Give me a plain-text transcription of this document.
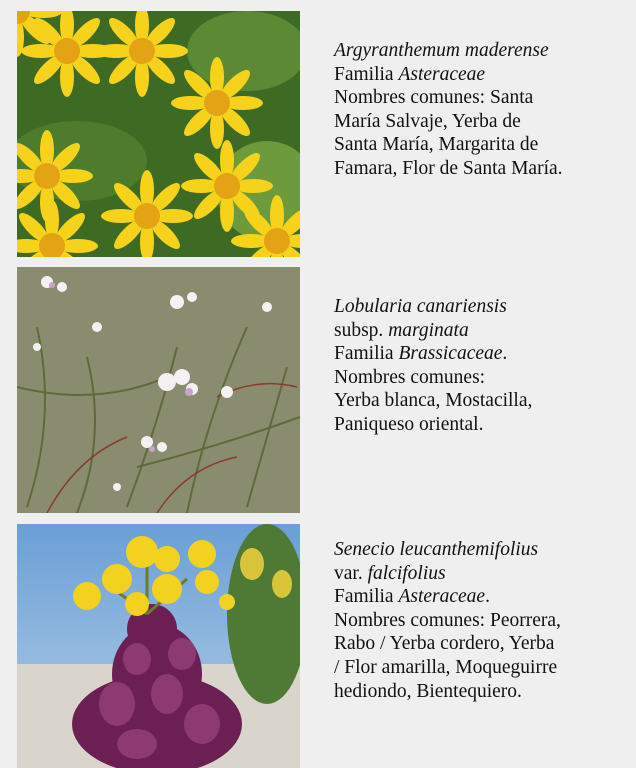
Argyranthemum maderense
Familia Asteraceae
Nombres comunes: Santa
María Salvaje, Yerba de
Santa María, Margarita de
Famara, Flor de Santa María.
Lobularia canariensis
subsp. marginata
Familia Brassicaceae.
Nombres comunes:
Yerba blanca, Mostacilla,
Paniqueso oriental.
Senecio leucanthemifolius
var. falcifolius
Familia Asteraceae.
Nombres comunes: Peorrera,
Rabo / Yerba cordero, Yerba
/ Flor amarilla, Moqueguirre
hediondo, Bientequiero.
